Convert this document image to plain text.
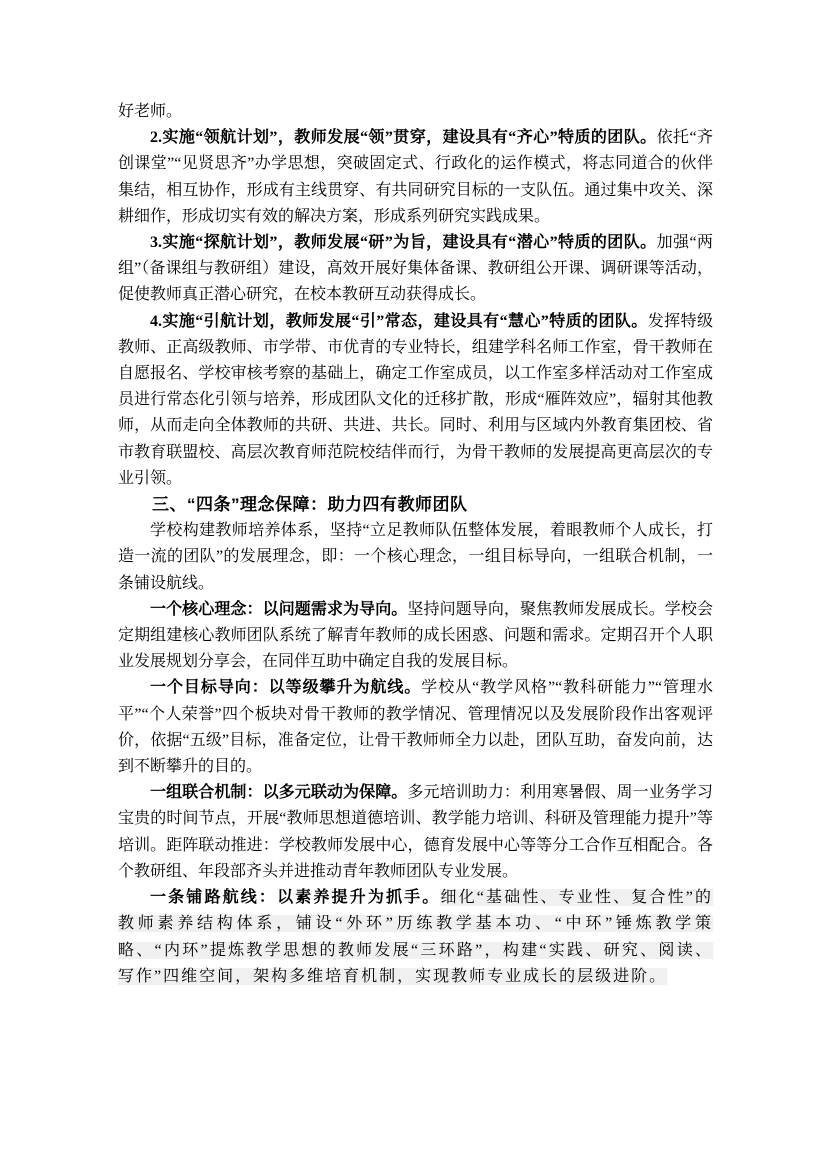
好老师。

2.实施“领航计划”，教师发展“领”贯穿，建设具有“齐心”特质的团队。依托“齐创课堂”“见贤思齐”办学思想，突破固定式、行政化的运作模式，将志同道合的伙伴集结，相互协作，形成有主线贯穿、有共同研究目标的一支队伍。通过集中攻关、深耕细作，形成切实有效的解决方案，形成系列研究实践成果。

3.实施“探航计划”，教师发展“研”为旨，建设具有“潜心”特质的团队。加强“两组”（备课组与教研组）建设，高效开展好集体备课、教研组公开课、调研课等活动，促使教师真正潜心研究，在校本教研互动获得成长。

4.实施“引航计划，教师发展“引”常态，建设具有“慧心”特质的团队。发挥特级教师、正高级教师、市学带、市优青的专业特长，组建学科名师工作室，骨干教师在自愿报名、学校审核考察的基础上，确定工作室成员，以工作室多样活动对工作室成员进行常态化引领与培养，形成团队文化的迁移扩散，形成“雁阵效应”，辐射其他教师，从而走向全体教师的共研、共进、共长。同时、利用与区域内外教育集团校、省市教育联盟校、高层次教育师范院校结伴而行，为骨干教师的发展提高更高层次的专业引领。

三、“四条”理念保障：助力四有教师团队

学校构建教师培养体系，坚持“立足教师队伍整体发展，着眼教师个人成长，打造一流的团队”的发展理念，即：一个核心理念，一组目标导向，一组联合机制，一条铺设航线。

一个核心理念：以问题需求为导向。坚持问题导向，聚焦教师发展成长。学校会定期组建核心教师团队系统了解青年教师的成长困惑、问题和需求。定期召开个人职业发展规划分享会，在同伴互助中确定自我的发展目标。

一个目标导向：以等级攀升为航线。学校从“教学风格”“教科研能力”“管理水平”“个人荣誉”四个板块对骨干教师的教学情况、管理情况以及发展阶段作出客观评价，依据“五级”目标，准备定位，让骨干教师师全力以赴，团队互助，奋发向前，达到不断攀升的目的。

一组联合机制：以多元联动为保障。多元培训助力：利用寒暑假、周一业务学习宝贵的时间节点，开展“教师思想道德培训、教学能力培训、科研及管理能力提升”等培训。距阵联动推进：学校教师发展中心，德育发展中心等等分工合作互相配合。各个教研组、年段部齐头并进推动青年教师团队专业发展。

一条铺路航线：以素养提升为抓手。细化“基础性、专业性、复合性”的教师素养结构体系，铺设“外环”历练教学基本功、“中环”锤炼教学策略、“内环”提炼教学思想的教师发展“三环路”，构建“实践、研究、阅读、写作”四维空间，架构多维培育机制，实现教师专业成长的层级进阶。
